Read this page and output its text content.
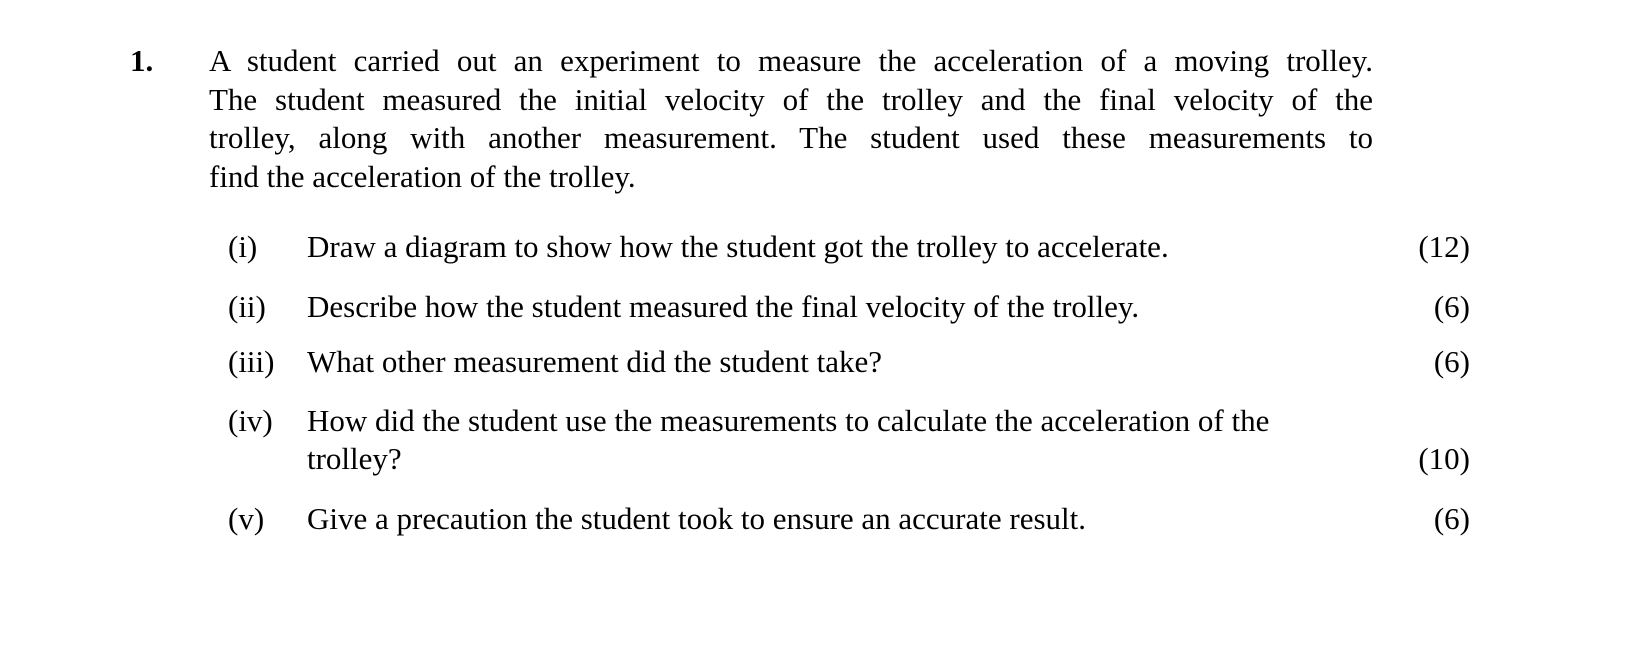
1. A student carried out an experiment to measure the acceleration of a moving trolley.
The student measured the initial velocity of the trolley and the final velocity of the
trolley, along with another measurement. The student used these measurements to
find the acceleration of the trolley.
(i) Draw a diagram to show how the student got the trolley to accelerate.	(12)
(ii) Describe how the student measured the final velocity of the trolley.	(6)
(iii) What other measurement did the student take?	(6)
(iv) How did the student use the measurements to calculate the acceleration of the
trolley?	(10)
(v) Give a precaution the student took to ensure an accurate result.	(6)
